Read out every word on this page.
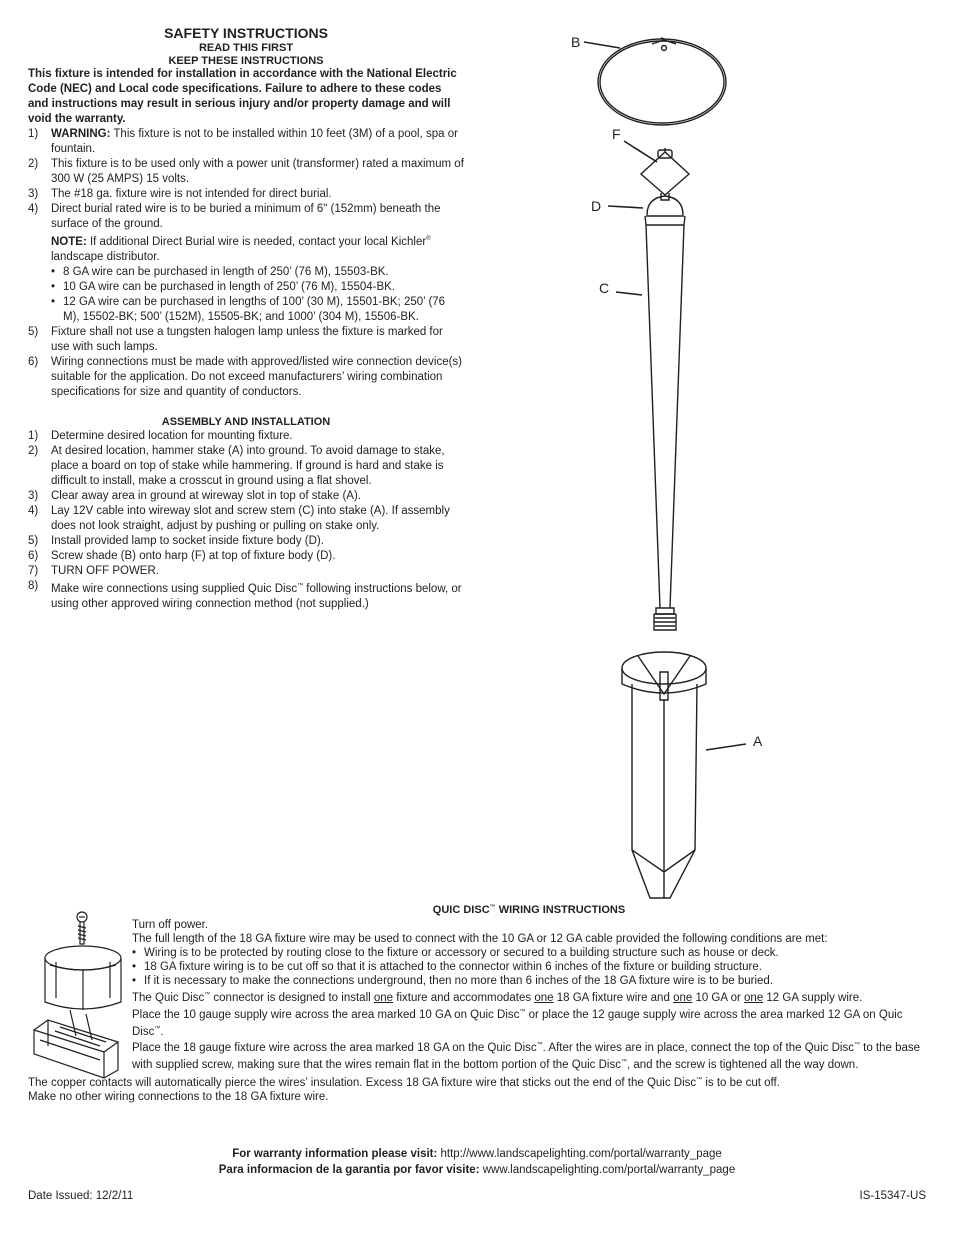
SAFETY INSTRUCTIONS
READ THIS FIRST
KEEP THESE INSTRUCTIONS
This fixture is intended for installation in accordance with the National Electric Code (NEC) and Local code specifications. Failure to adhere to these codes and instructions may result in serious injury and/or property damage and will void the warranty.
1) WARNING: This fixture is not to be installed within 10 feet (3M) of a pool, spa or fountain.
2) This fixture is to be used only with a power unit (transformer) rated a maximum of 300 W (25 AMPS) 15 volts.
3) The #18 ga. fixture wire is not intended for direct burial.
4) Direct burial rated wire is to be buried a minimum of 6" (152mm) beneath the surface of the ground.
NOTE: If additional Direct Burial wire is needed, contact your local Kichler® landscape distributor.
• 8 GA wire can be purchased in length of 250’ (76 M), 15503-BK.
• 10 GA wire can be purchased in length of 250’ (76 M), 15504-BK.
• 12 GA wire can be purchased in lengths of 100’ (30 M), 15501-BK; 250’ (76 M), 15502-BK; 500’ (152M), 15505-BK; and 1000’ (304 M), 15506-BK.
5) Fixture shall not use a tungsten halogen lamp unless the fixture is marked for use with such lamps.
6) Wiring connections must be made with approved/listed wire connection device(s) suitable for the application. Do not exceed manufacturers’ wiring combination specifications for size and quantity of conductors.
ASSEMBLY AND INSTALLATION
1) Determine desired location for mounting fixture.
2) At desired location, hammer stake (A) into ground. To avoid damage to stake, place a board on top of stake while hammering. If ground is hard and stake is difficult to install, make a crosscut in ground using a flat shovel.
3) Clear away area in ground at wireway slot in top of stake (A).
4) Lay 12V cable into wireway slot and screw stem (C) into stake (A). If assembly does not look straight, adjust by pushing or pulling on stake only.
5) Install provided lamp to socket inside fixture body (D).
6) Screw shade (B) onto harp (F) at top of fixture body (D).
7) TURN OFF POWER.
8) Make wire connections using supplied Quic Disc™ following instructions below, or using other approved wiring connection method (not supplied.)
B
F
D
C
A
QUIC DISC™ WIRING INSTRUCTIONS
Turn off power.
The full length of the 18 GA fixture wire may be used to connect with the 10 GA or 12 GA cable provided the following conditions are met:
• Wiring is to be protected by routing close to the fixture or accessory or secured to a building structure such as house or deck.
• 18 GA fixture wiring is to be cut off so that it is attached to the connector within 6 inches of the fixture or building structure.
• If it is necessary to make the connections underground, then no more than 6 inches of the 18 GA fixture wire is to be buried.
The Quic Disc™ connector is designed to install one fixture and accommodates one 18 GA fixture wire and one 10 GA or one 12 GA supply wire.
Place the 10 gauge supply wire across the area marked 10 GA on Quic Disc™ or place the 12 gauge supply wire across the area marked 12 GA on Quic Disc™.
Place the 18 gauge fixture wire across the area marked 18 GA on the Quic Disc™. After the wires are in place, connect the top of the Quic Disc™ to the base with supplied screw, making sure that the wires remain flat in the bottom portion of the Quic Disc™, and the screw is tightened all the way down.
The copper contacts will automatically pierce the wires’ insulation. Excess 18 GA fixture wire that sticks out the end of the Quic Disc™ is to be cut off.
Make no other wiring connections to the 18 GA fixture wire.
For warranty information please visit: http://www.landscapelighting.com/portal/warranty_page
Para informacion de la garantia por favor visite: www.landscapelighting.com/portal/warranty_page
Date Issued: 12/2/11	IS-15347-US
